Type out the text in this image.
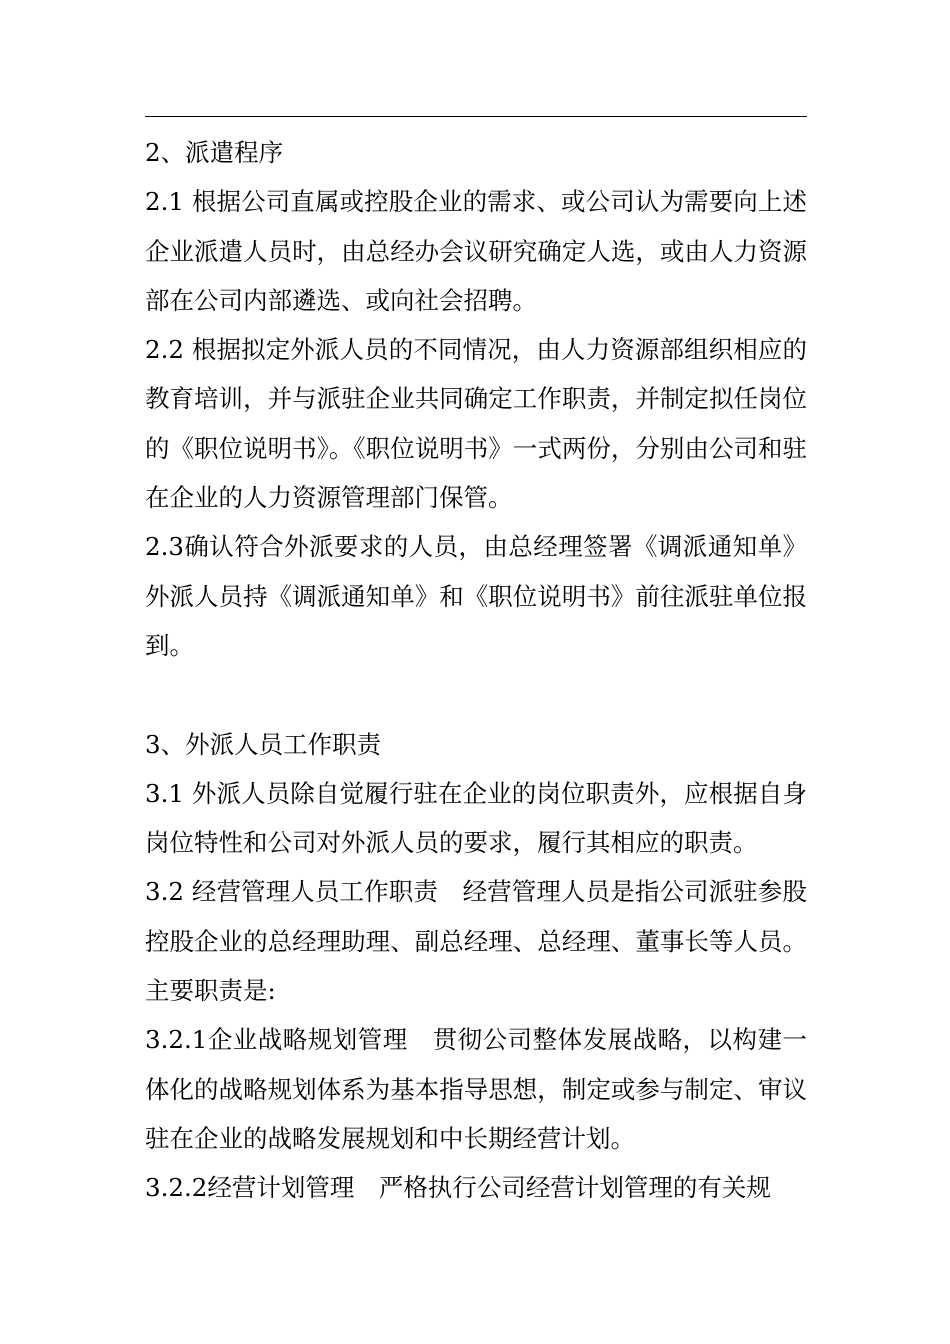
2、派遣程序

2.1 根据公司直属或控股企业的需求、或公司认为需要向上述企业派遣人员时，由总经办会议研究确定人选，或由人力资源部在公司内部遴选、或向社会招聘。

2.2 根据拟定外派人员的不同情况，由人力资源部组织相应的教育培训，并与派驻企业共同确定工作职责，并制定拟任岗位的《职位说明书》。《职位说明书》一式两份，分别由公司和驻在企业的人力资源管理部门保管。

2.3确认符合外派要求的人员，由总经理签署《调派通知单》外派人员持《调派通知单》和《职位说明书》前往派驻单位报到。

3、外派人员工作职责

3.1 外派人员除自觉履行驻在企业的岗位职责外，应根据自身岗位特性和公司对外派人员的要求，履行其相应的职责。

3.2 经营管理人员工作职责　经营管理人员是指公司派驻参股控股企业的总经理助理、副总经理、总经理、董事长等人员。主要职责是:

3.2.1企业战略规划管理　贯彻公司整体发展战略，以构建一体化的战略规划体系为基本指导思想，制定或参与制定、审议驻在企业的战略发展规划和中长期经营计划。

3.2.2经营计划管理　严格执行公司经营计划管理的有关规
